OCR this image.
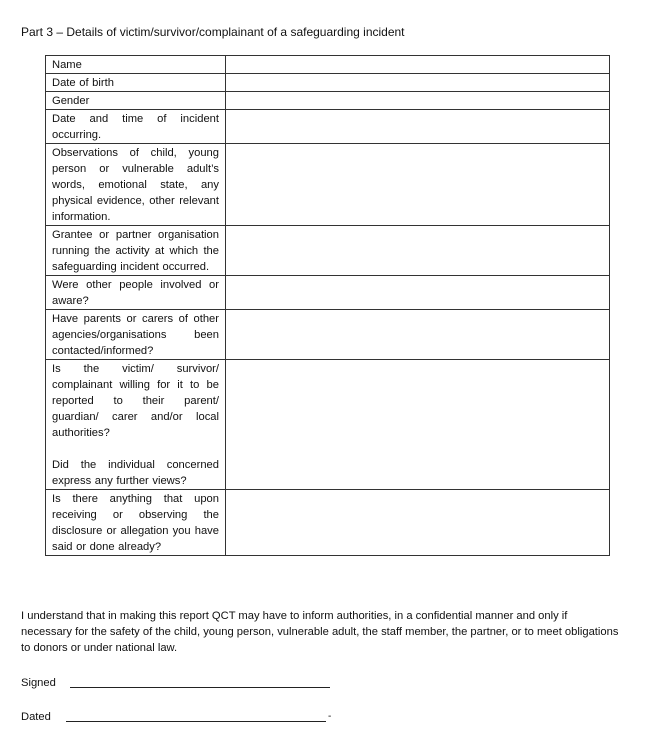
Part 3 – Details of victim/survivor/complainant of a safeguarding incident
Name	

Date of birth	

Gender	

Date and time of incident occurring.	

Observations of child, young person or vulnerable adult’s words, emotional state, any physical evidence, other relevant information.	

Grantee or partner organisation running the activity at which the safeguarding incident occurred.	

Were other people involved or aware?	

Have parents or carers of other agencies/organisations been contacted/informed?	

Is the victim/ survivor/ complainant willing for it to be reported to their parent/ guardian/ carer and/or local authorities?
Did the individual concerned express any further views?	

Is there anything that upon receiving or observing the disclosure or allegation you have said or done already?	

I understand that in making this report QCT may have to inform authorities, in a confidential manner and only if necessary for the safety of the child, young person, vulnerable adult, the staff member, the partner, or to meet obligations to donors or under national law.
Signed
Dated	-
